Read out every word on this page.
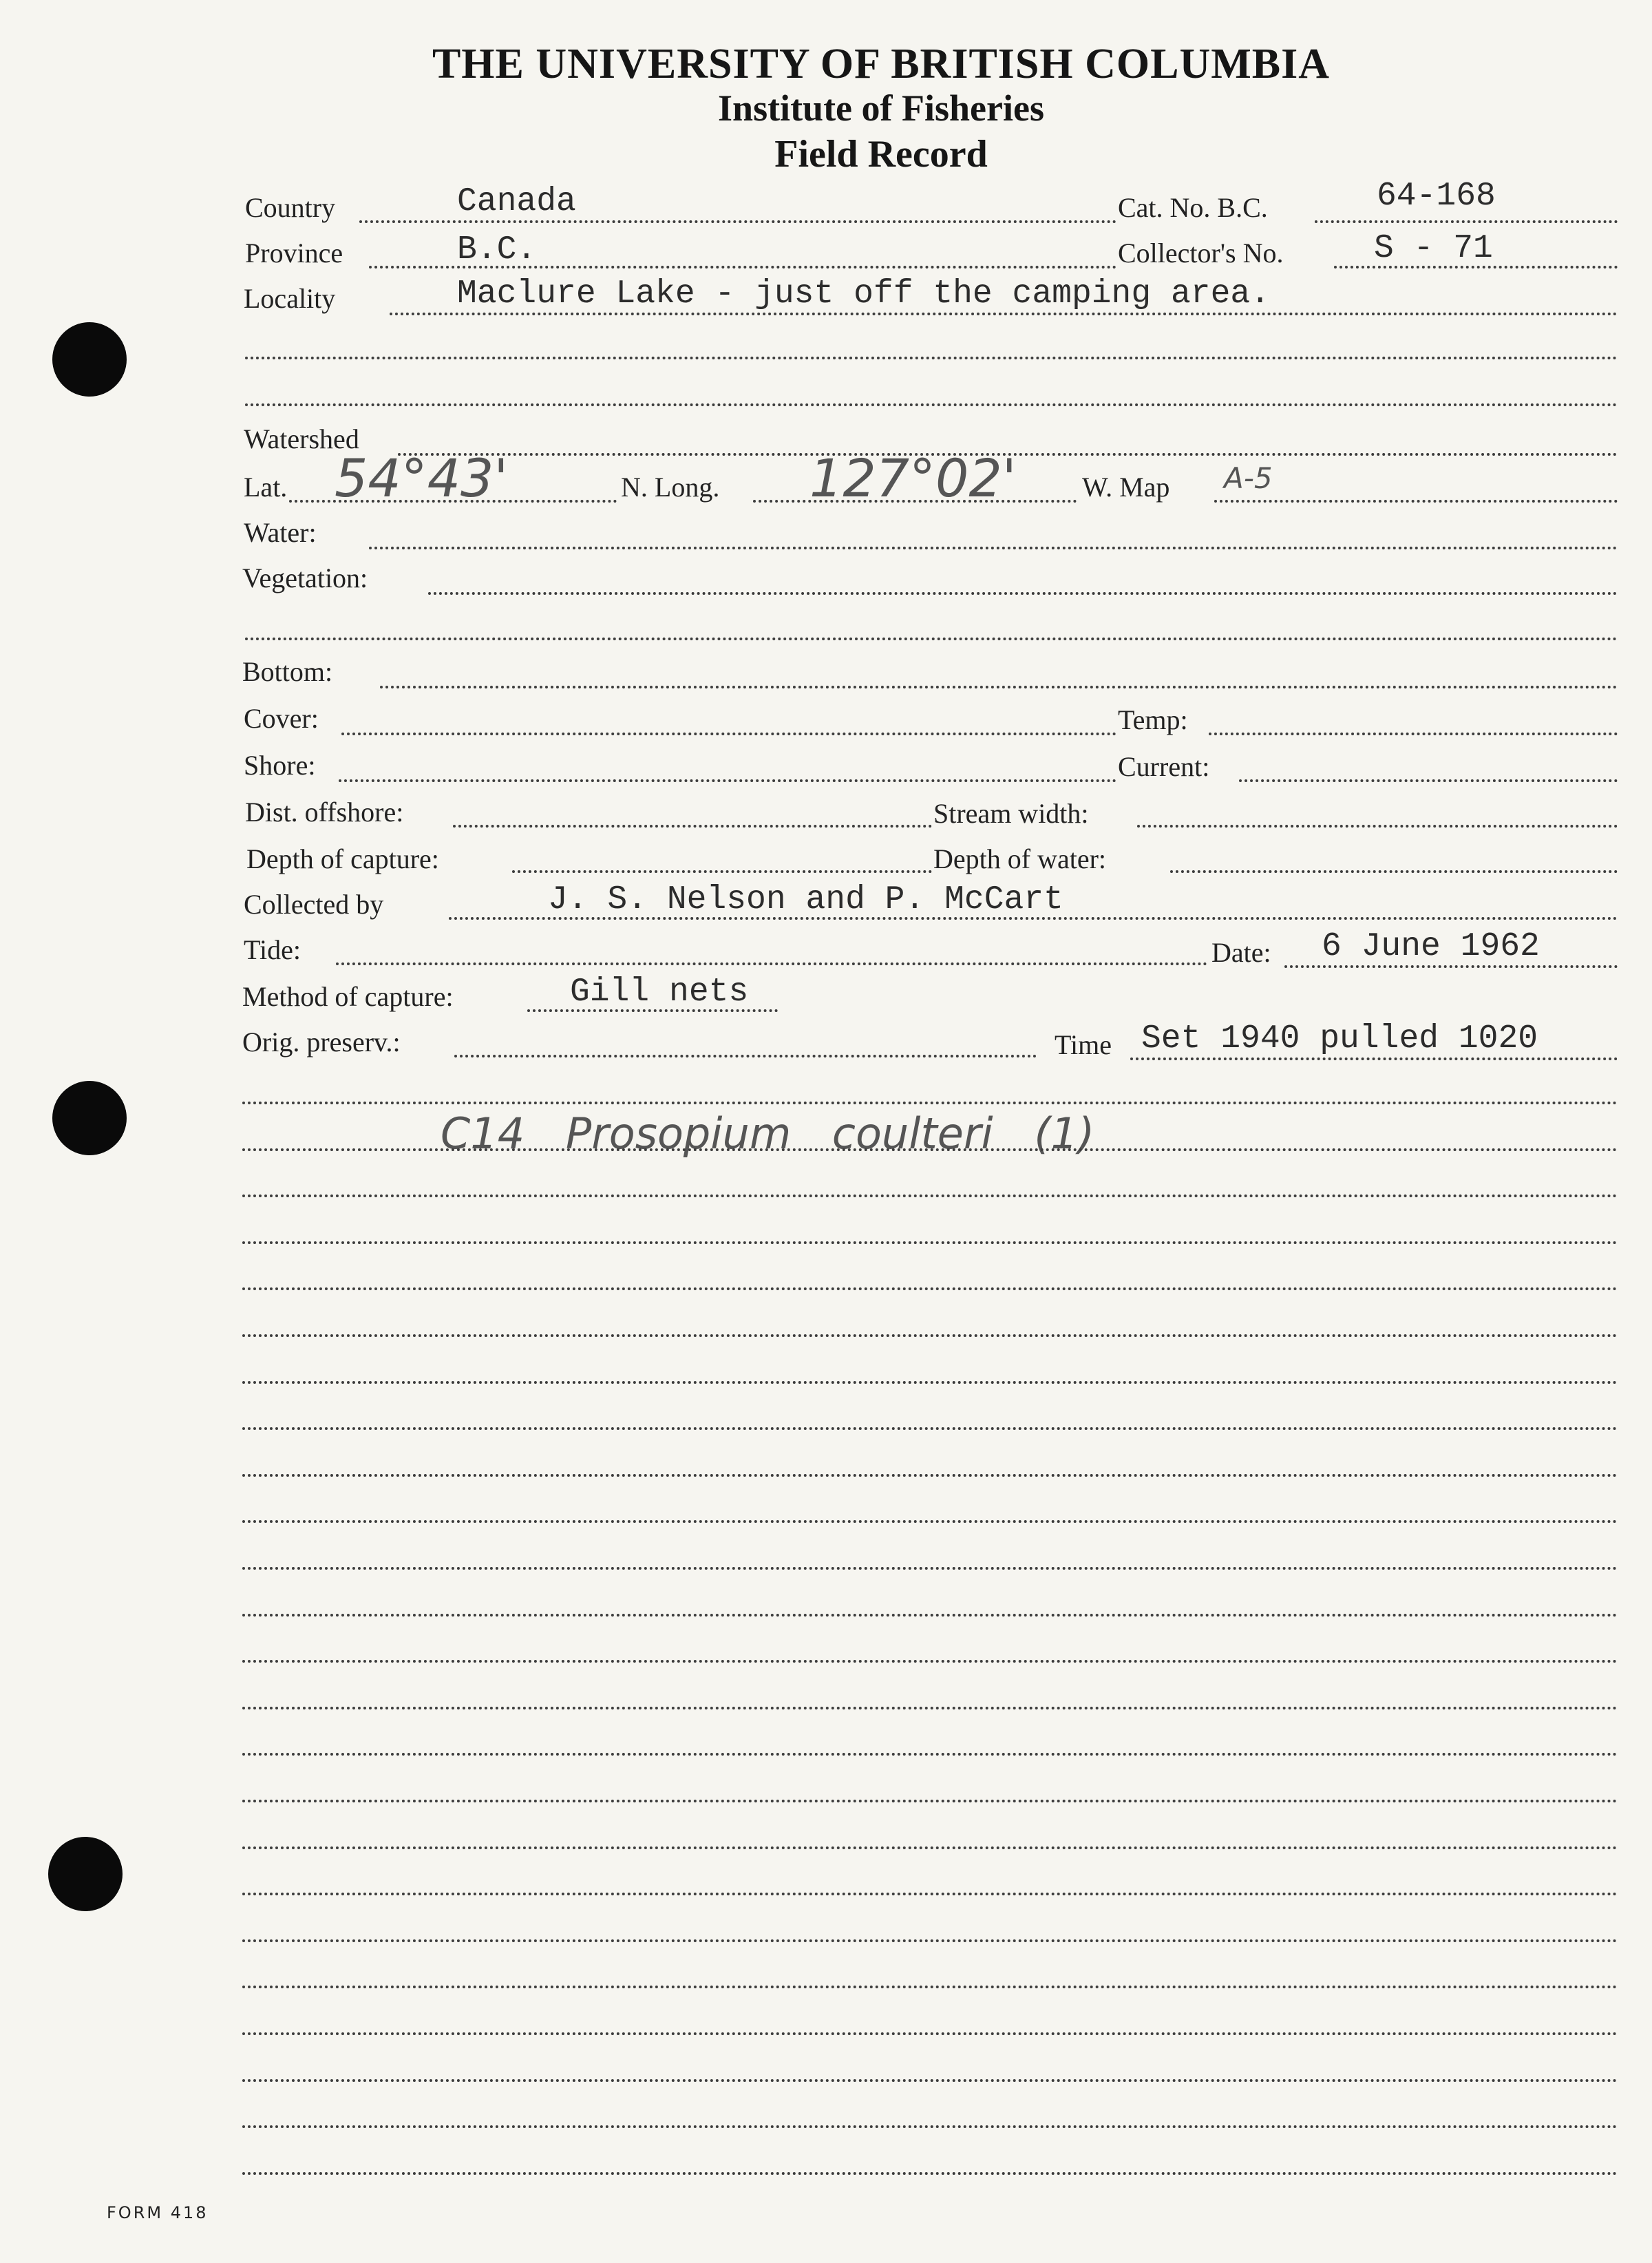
THE UNIVERSITY OF BRITISH COLUMBIA
Institute of Fisheries
Field Record
Country	Canada	Cat. No. B.C.	64-168
Province	B.C.	Collector's No.	S - 71
Locality	Maclure Lake - just off the camping area.
Watershed
Lat. 54°43'	N. Long. 127°02' W. Map A-5
Water:
Vegetation:
Bottom:
Cover:	Temp:
Shore:	Current:
Dist. offshore:	Stream width:
Depth of capture:	Depth of water:
Collected by	J. S. Nelson and P. McCart
Tide:	Date: 6 June 1962
Method of capture:	Gill nets
Orig. preserv.:	Time Set 1940 pulled 1020
C14 Prosopium coulteri (1)
FORM 418
